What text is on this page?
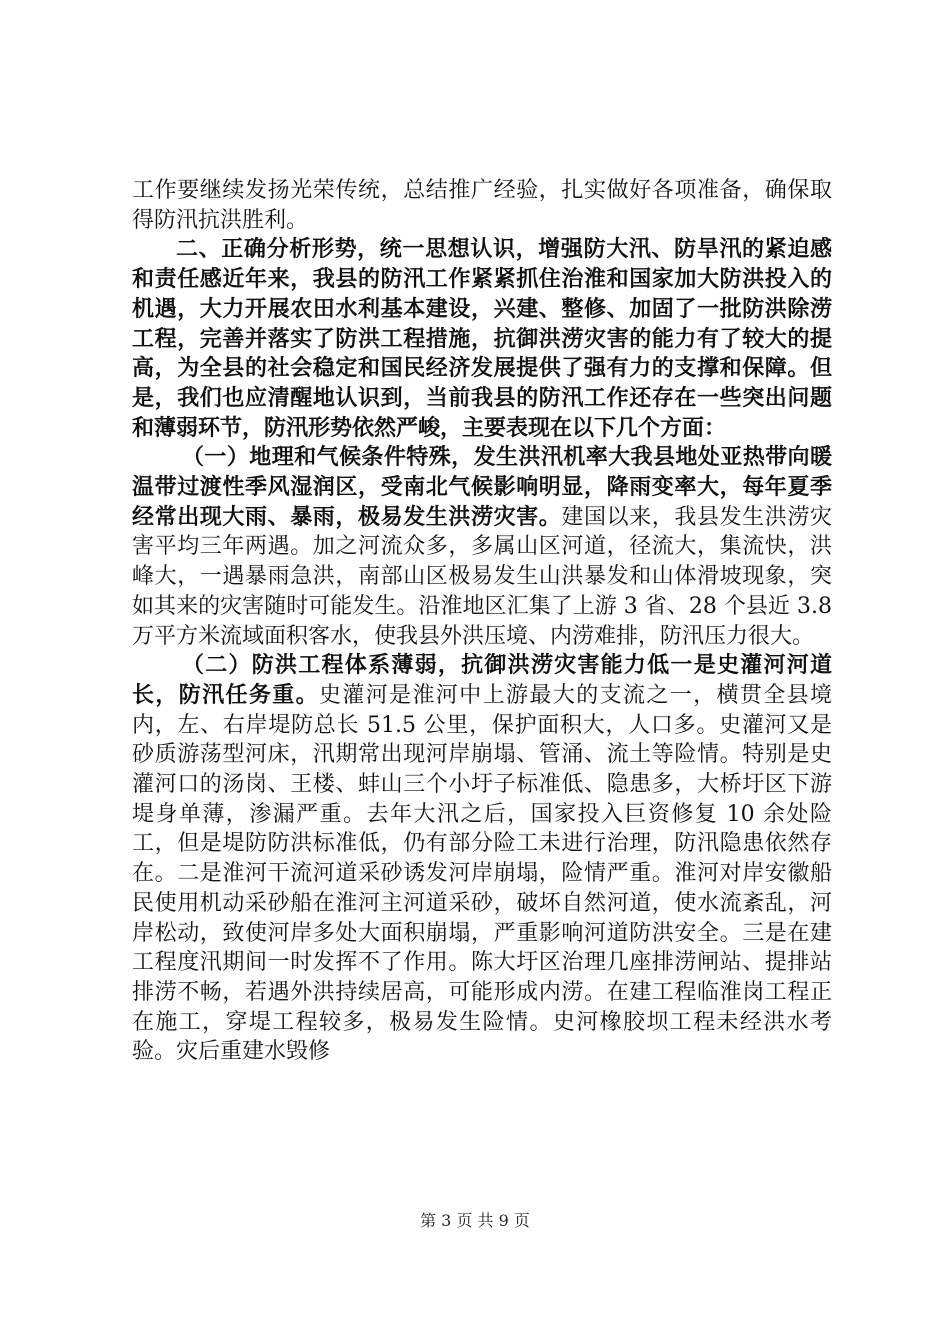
工作要继续发扬光荣传统，总结推广经验，扎实做好各项准备，确保取得防汛抗洪胜利。

二、正确分析形势，统一思想认识，增强防大汛、防旱汛的紧迫感和责任感近年来，我县的防汛工作紧紧抓住治淮和国家加大防洪投入的机遇，大力开展农田水利基本建设，兴建、整修、加固了一批防洪除涝工程，完善并落实了防洪工程措施，抗御洪涝灾害的能力有了较大的提高，为全县的社会稳定和国民经济发展提供了强有力的支撑和保障。但是，我们也应清醒地认识到，当前我县的防汛工作还存在一些突出问题和薄弱环节，防汛形势依然严峻，主要表现在以下几个方面：

（一）地理和气候条件特殊，发生洪汛机率大我县地处亚热带向暖温带过渡性季风湿润区，受南北气候影响明显，降雨变率大，每年夏季经常出现大雨、暴雨，极易发生洪涝灾害。建国以来，我县发生洪涝灾害平均三年两遇。加之河流众多，多属山区河道，径流大，集流快，洪峰大，一遇暴雨急洪，南部山区极易发生山洪暴发和山体滑坡现象，突如其来的灾害随时可能发生。沿淮地区汇集了上游 3 省、28 个县近 3.8 万平方米流域面积客水，使我县外洪压境、内涝难排，防汛压力很大。

（二）防洪工程体系薄弱，抗御洪涝灾害能力低一是史灌河河道长，防汛任务重。史灌河是淮河中上游最大的支流之一，横贯全县境内，左、右岸堤防总长 51.5 公里，保护面积大，人口多。史灌河又是砂质游荡型河床，汛期常出现河岸崩塌、管涌、流土等险情。特别是史灌河口的汤岗、王楼、蚌山三个小圩子标准低、隐患多，大桥圩区下游堤身单薄，渗漏严重。去年大汛之后，国家投入巨资修复 10 余处险工，但是堤防防洪标准低，仍有部分险工未进行治理，防汛隐患依然存在。二是淮河干流河道采砂诱发河岸崩塌，险情严重。淮河对岸安徽船民使用机动采砂船在淮河主河道采砂，破坏自然河道，使水流紊乱，河岸松动，致使河岸多处大面积崩塌，严重影响河道防洪安全。三是在建工程度汛期间一时发挥不了作用。陈大圩区治理几座排涝闸站、提排站排涝不畅，若遇外洪持续居高，可能形成内涝。在建工程临淮岗工程正在施工，穿堤工程较多，极易发生险情。史河橡胶坝工程未经洪水考验。灾后重建水毁修

第 3 页 共 9 页
